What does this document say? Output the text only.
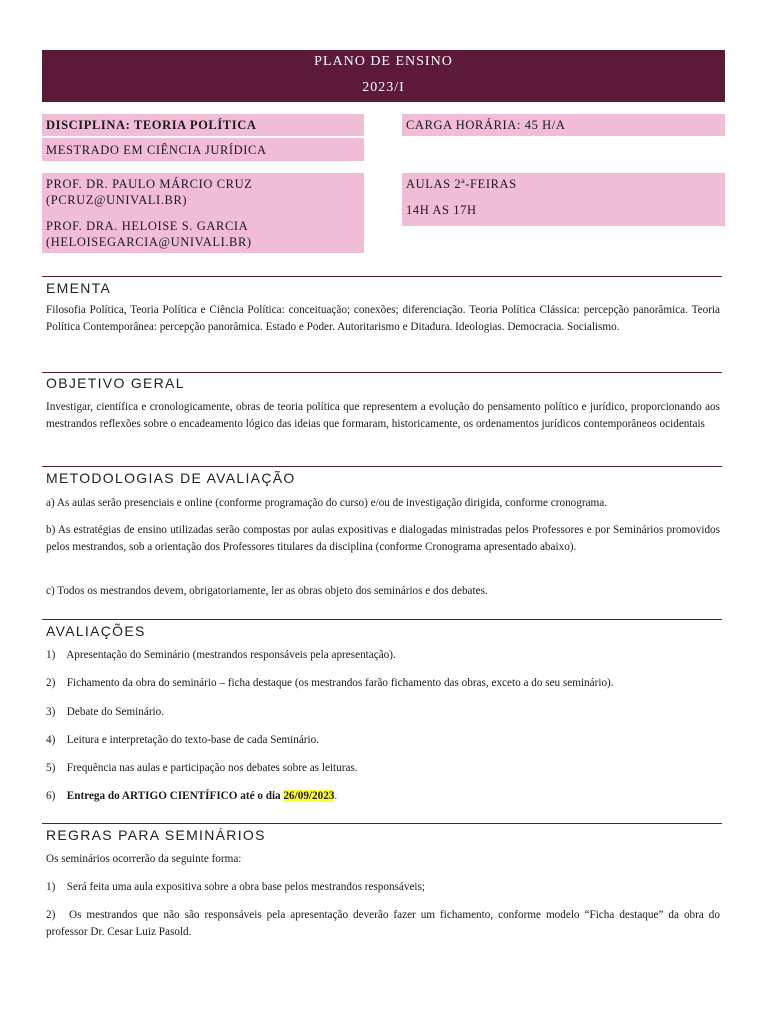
PLANO DE ENSINO
2023/I
DISCIPLINA: TEORIA POLÍTICA
MESTRADO EM CIÊNCIA JURÍDICA
CARGA HORÁRIA: 45 H/A
PROF. DR. PAULO MÁRCIO CRUZ
(PCRUZ@UNIVALI.BR)
PROF. DRA. HELOISE S. GARCIA
(HELOISEGARCIA@UNIVALI.BR)
AULAS 2ª-FEIRAS
14H AS 17H
EMENTA
Filosofia Política, Teoria Política e Ciência Política: conceituação; conexões; diferenciação. Teoria Política Clássica: percepção panorâmica. Teoria Política Contemporânea: percepção panorâmica. Estado e Poder. Autoritarismo e Ditadura. Ideologias. Democracia. Socialismo.
OBJETIVO GERAL
Investigar, científica e cronologicamente, obras de teoria política que representem a evolução do pensamento político e jurídico, proporcionando aos mestrandos reflexões sobre o encadeamento lógico das ideias que formaram, historicamente, os ordenamentos jurídicos contemporâneos ocidentais
METODOLOGIAS DE AVALIAÇÃO
a) As aulas serão presenciais e online (conforme programação do curso) e/ou de investigação dirigida, conforme cronograma.
b) As estratégias de ensino utilizadas serão compostas por aulas expositivas e dialogadas ministradas pelos Professores e por Seminários promovidos pelos mestrandos, sob a orientação dos Professores titulares da disciplina (conforme Cronograma apresentado abaixo).
c) Todos os mestrandos devem, obrigatoriamente, ler as obras objeto dos seminários e dos debates.
AVALIAÇÕES
1) Apresentação do Seminário (mestrandos responsáveis pela apresentação).
2) Fichamento da obra do seminário – ficha destaque (os mestrandos farão fichamento das obras, exceto a do seu seminário).
3) Debate do Seminário.
4) Leitura e interpretação do texto-base de cada Seminário.
5) Frequência nas aulas e participação nos debates sobre as leituras.
6) Entrega do ARTIGO CIENTÍFICO até o dia 26/09/2023.
REGRAS PARA SEMINÁRIOS
Os seminários ocorrerão da seguinte forma:
1) Será feita uma aula expositiva sobre a obra base pelos mestrandos responsáveis;
2) Os mestrandos que não são responsáveis pela apresentação deverão fazer um fichamento, conforme modelo “Ficha destaque” da obra do professor Dr. Cesar Luiz Pasold.
